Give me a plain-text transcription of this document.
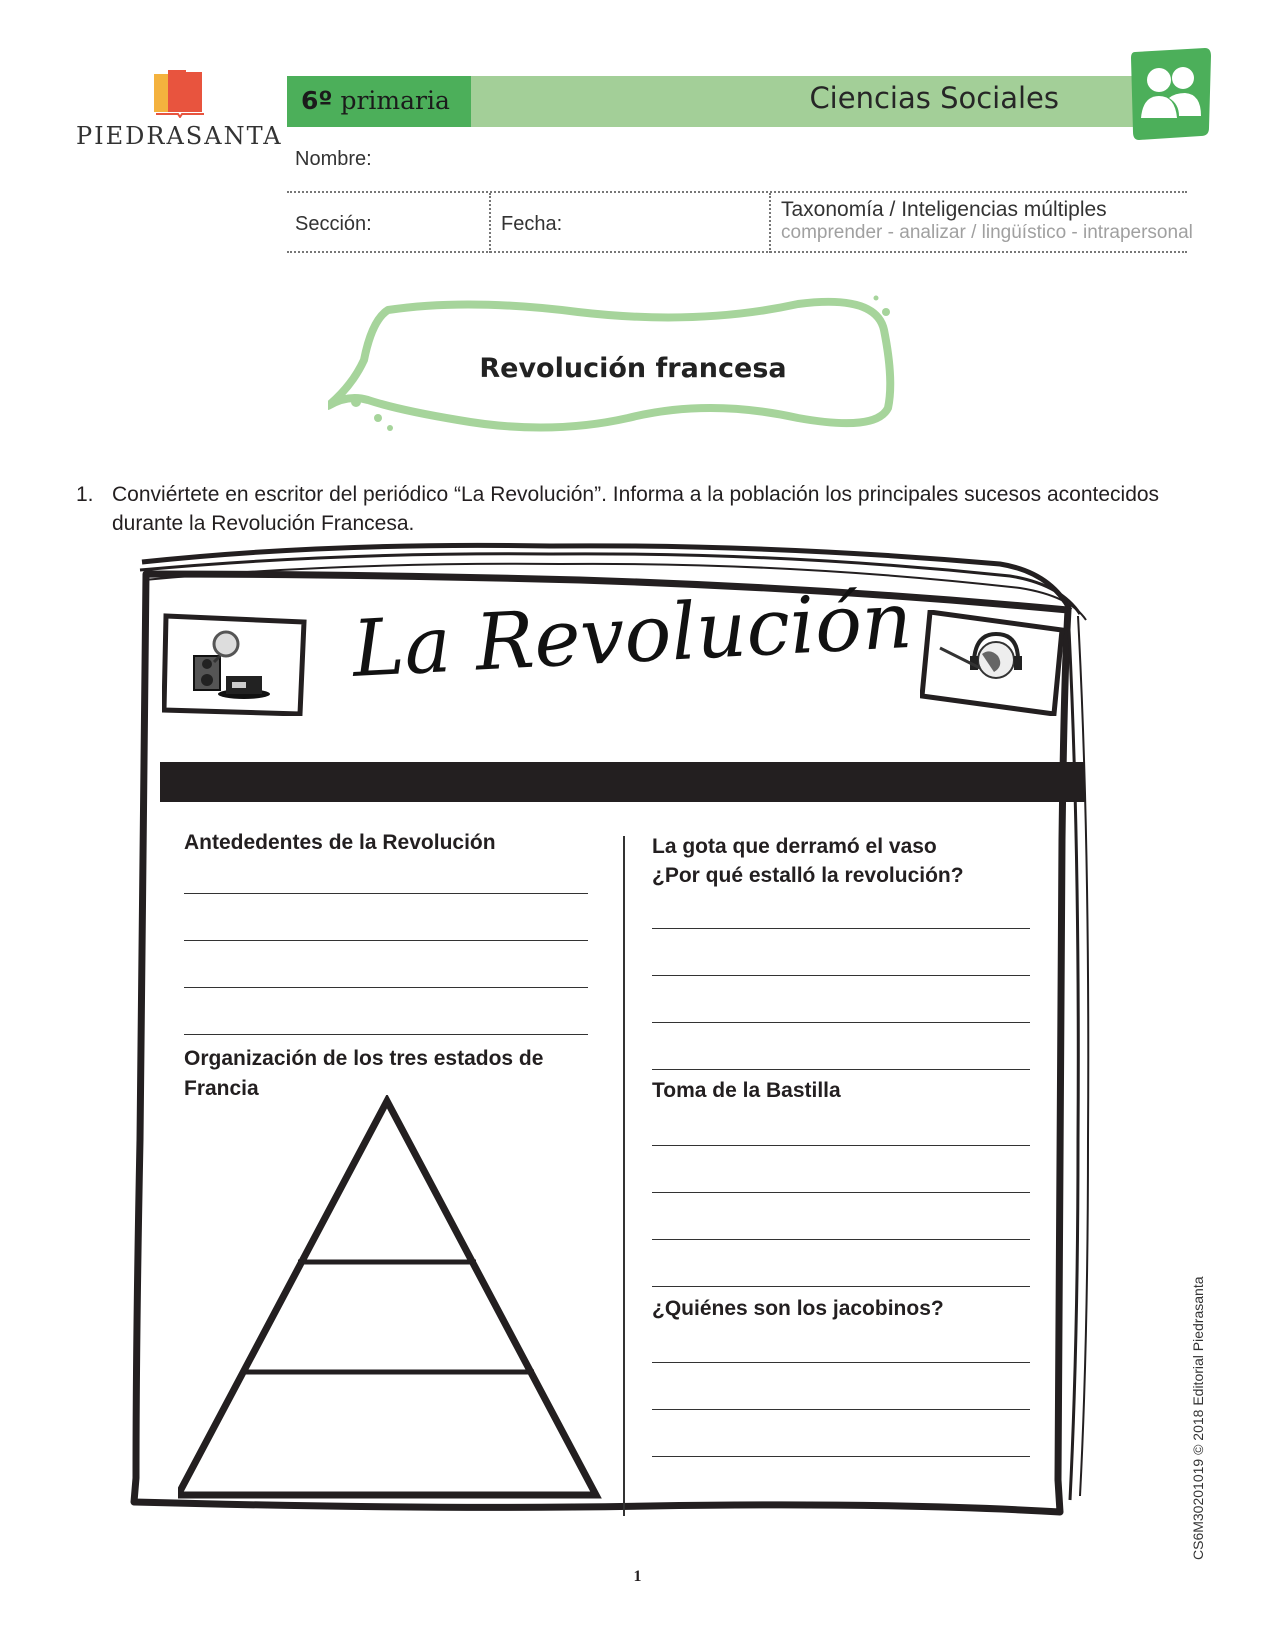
PIEDRASANTA
6º primaria	Ciencias Sociales
Nombre:
Sección:	Fecha:
Taxonomía / Inteligencias múltiples
comprender - analizar / lingüístico - intrapersonal
Revolución francesa
1. Conviértete en escritor del periódico “La Revolución”. Informa a la población los principales sucesos acontecidos durante la Revolución Francesa.
La Revolución
Antededentes de la Revolución
Organización de los tres estados de Francia
La gota que derramó el vaso
¿Por qué estalló la revolución?
Toma de la Bastilla
¿Quiénes son los jacobinos?	CS6M3020101​9 © 2018 Editorial Piedrasanta
1
